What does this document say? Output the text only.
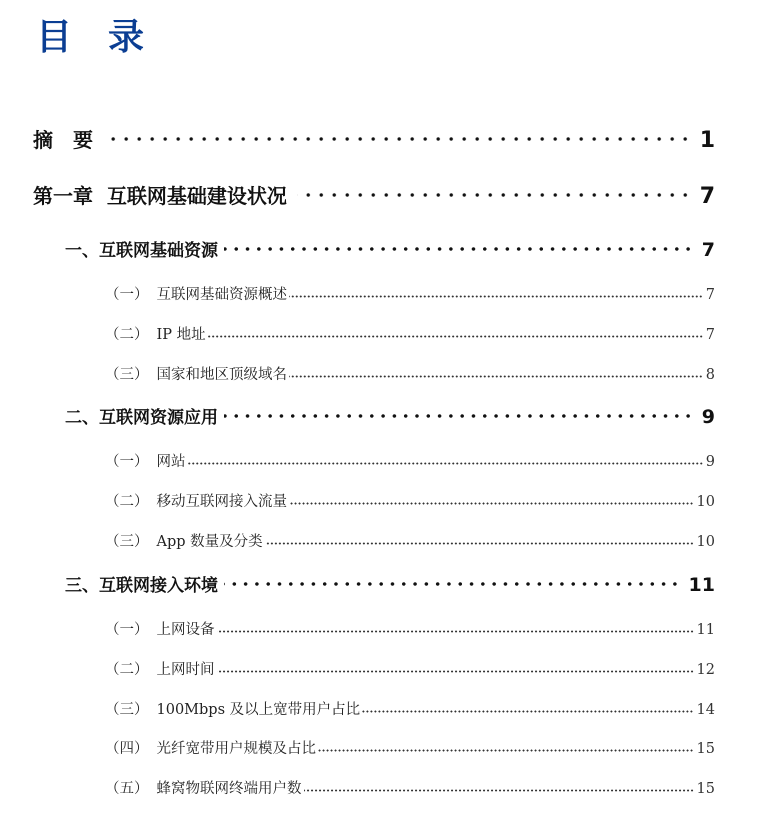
目　录
摘　要	1
第一章  互联网基础建设状况	7
一、互联网基础资源	7
（一） 互联网基础资源概述	7
（二） IP 地址	7
（三） 国家和地区顶级域名	8
二、互联网资源应用	9
（一） 网站	9
（二） 移动互联网接入流量	10
（三） App 数量及分类	10
三、互联网接入环境	11
（一） 上网设备	11
（二） 上网时间	12
（三） 100Mbps 及以上宽带用户占比	14
（四） 光纤宽带用户规模及占比	15
（五） 蜂窝物联网终端用户数	15
